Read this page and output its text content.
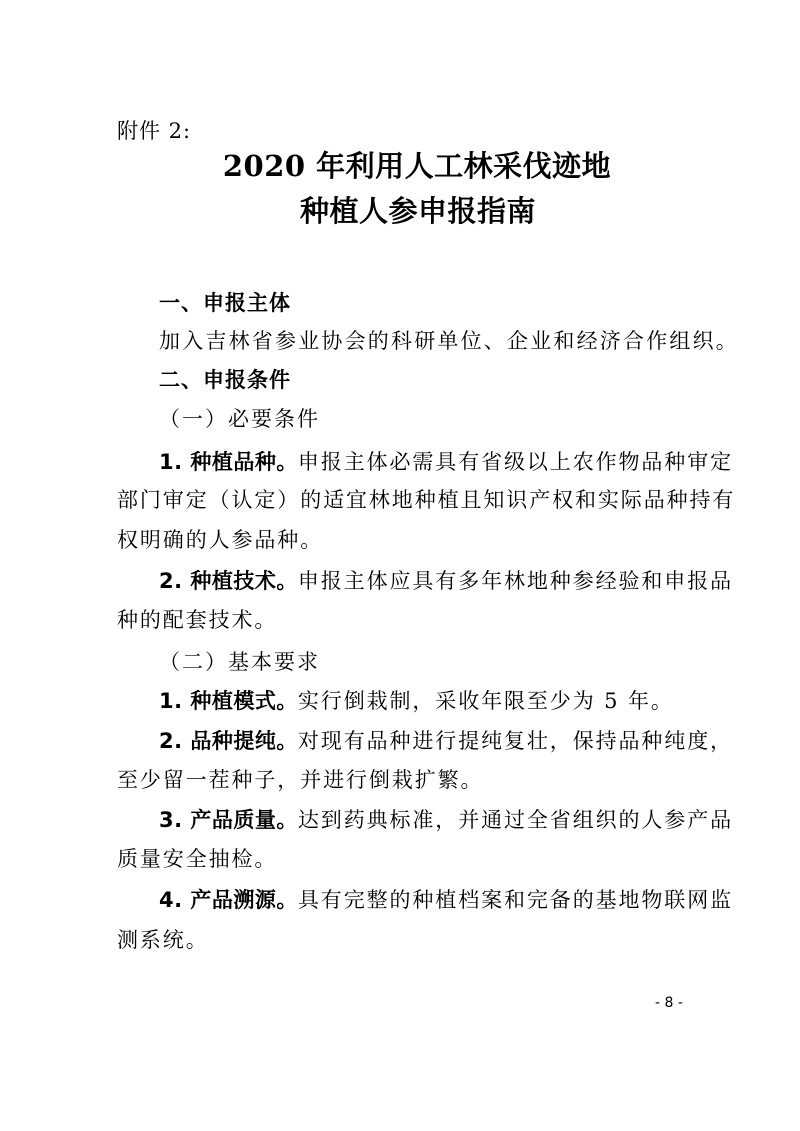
附件 2:
2020 年利用人工林采伐迹地
种植人参申报指南
一、申报主体
加入吉林省参业协会的科研单位、企业和经济合作组织。
二、申报条件
（一）必要条件
1. 种植品种。申报主体必需具有省级以上农作物品种审定
部门审定（认定）的适宜林地种植且知识产权和实际品种持有
权明确的人参品种。
2. 种植技术。申报主体应具有多年林地种参经验和申报品
种的配套技术。
（二）基本要求
1. 种植模式。实行倒栽制，采收年限至少为 5 年。
2. 品种提纯。对现有品种进行提纯复壮，保持品种纯度，
至少留一茬种子，并进行倒栽扩繁。
3. 产品质量。达到药典标准，并通过全省组织的人参产品
质量安全抽检。
4. 产品溯源。具有完整的种植档案和完备的基地物联网监
测系统。
- 8 -
